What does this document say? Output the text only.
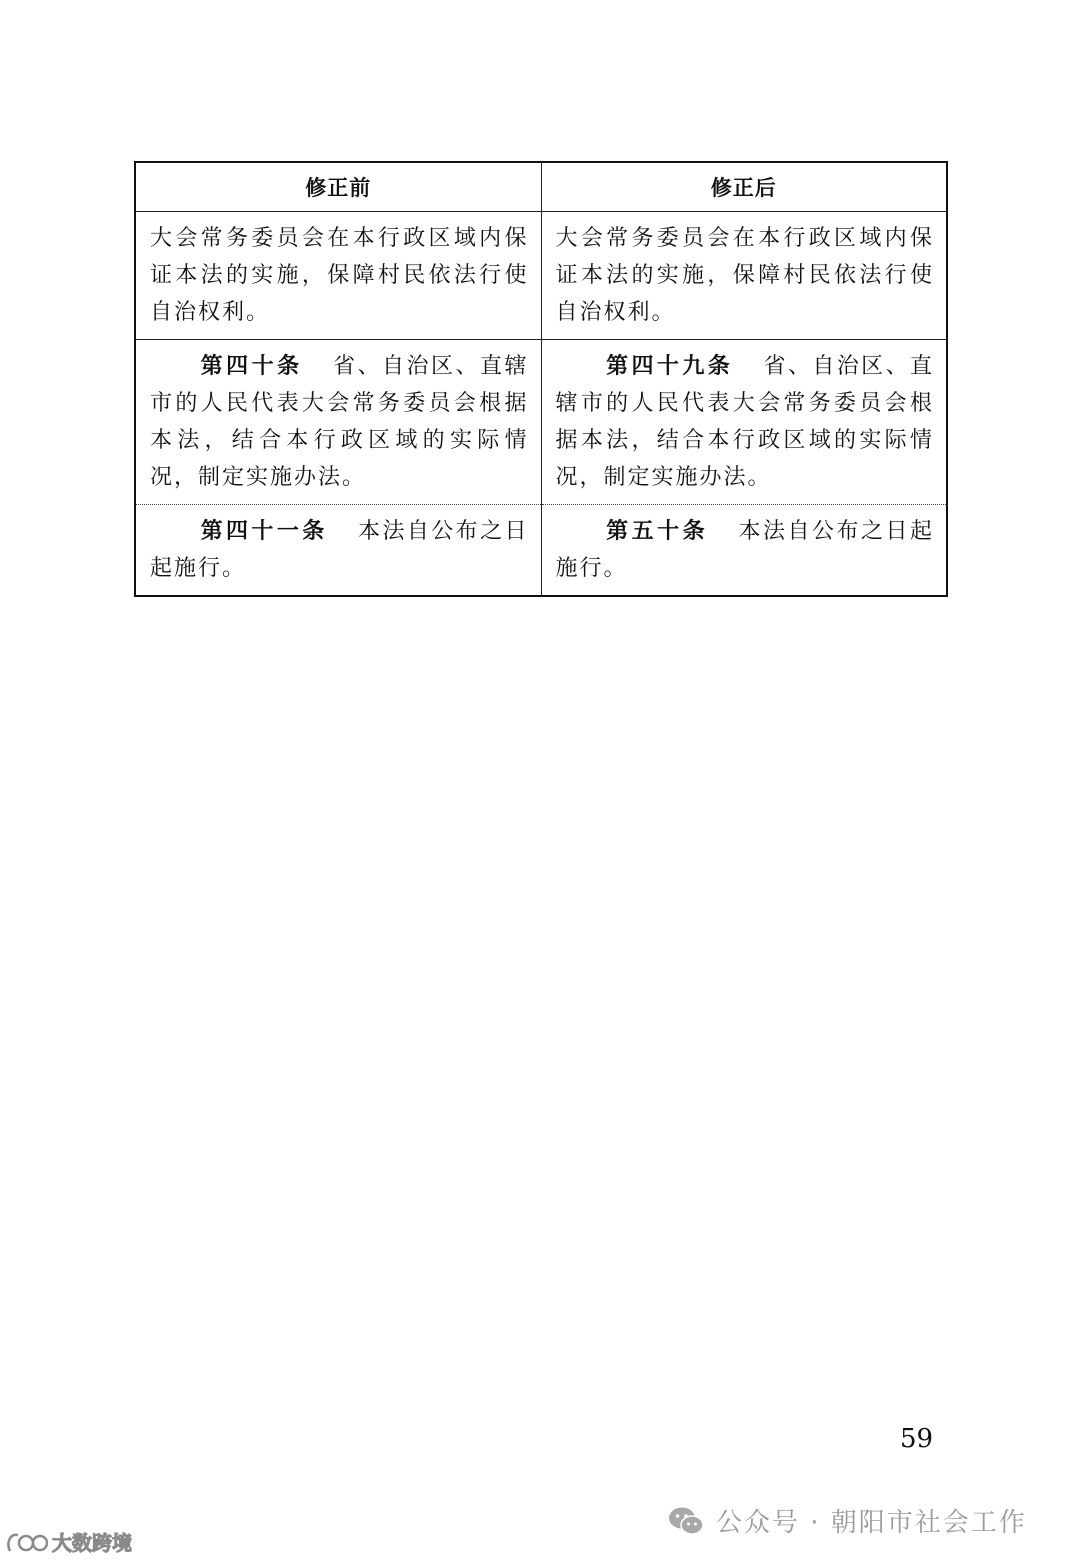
修正前	修正后
大会常务委员会在本行政区域内保证本法的实施，保障村民依法行使自治权利。	大会常务委员会在本行政区域内保证本法的实施，保障村民依法行使自治权利。
第四十条 省、自治区、直辖市的人民代表大会常务委员会根据本法，结合本行政区域的实际情况，制定实施办法。	第四十九条 省、自治区、直辖市的人民代表大会常务委员会根据本法，结合本行政区域的实际情况，制定实施办法。
第四十一条 本法自公布之日起施行。	第五十条 本法自公布之日起施行。
59
公众号 · 朝阳市社会工作
大数跨境
